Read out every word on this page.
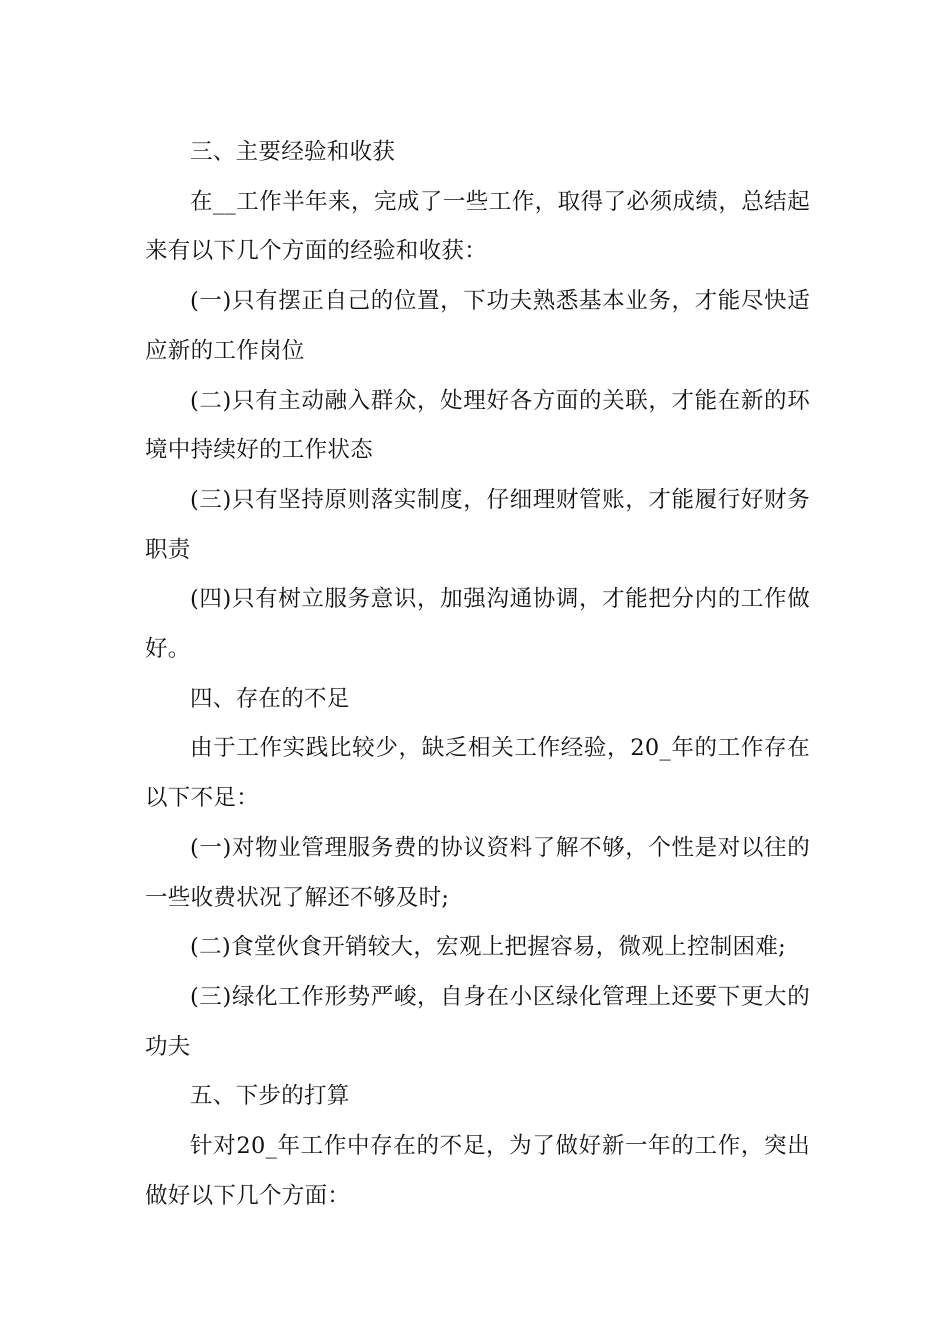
三、主要经验和收获

在__工作半年来，完成了一些工作，取得了必须成绩，总结起来有以下几个方面的经验和收获：

(一)只有摆正自己的位置，下功夫熟悉基本业务，才能尽快适应新的工作岗位

(二)只有主动融入群众，处理好各方面的关联，才能在新的环境中持续好的工作状态

(三)只有坚持原则落实制度，仔细理财管账，才能履行好财务职责

(四)只有树立服务意识，加强沟通协调，才能把分内的工作做好。

四、存在的不足

由于工作实践比较少，缺乏相关工作经验，20_年的工作存在以下不足：

(一)对物业管理服务费的协议资料了解不够，个性是对以往的一些收费状况了解还不够及时;

(二)食堂伙食开销较大，宏观上把握容易，微观上控制困难;

(三)绿化工作形势严峻，自身在小区绿化管理上还要下更大的功夫

五、下步的打算

针对20_年工作中存在的不足，为了做好新一年的工作，突出做好以下几个方面：
